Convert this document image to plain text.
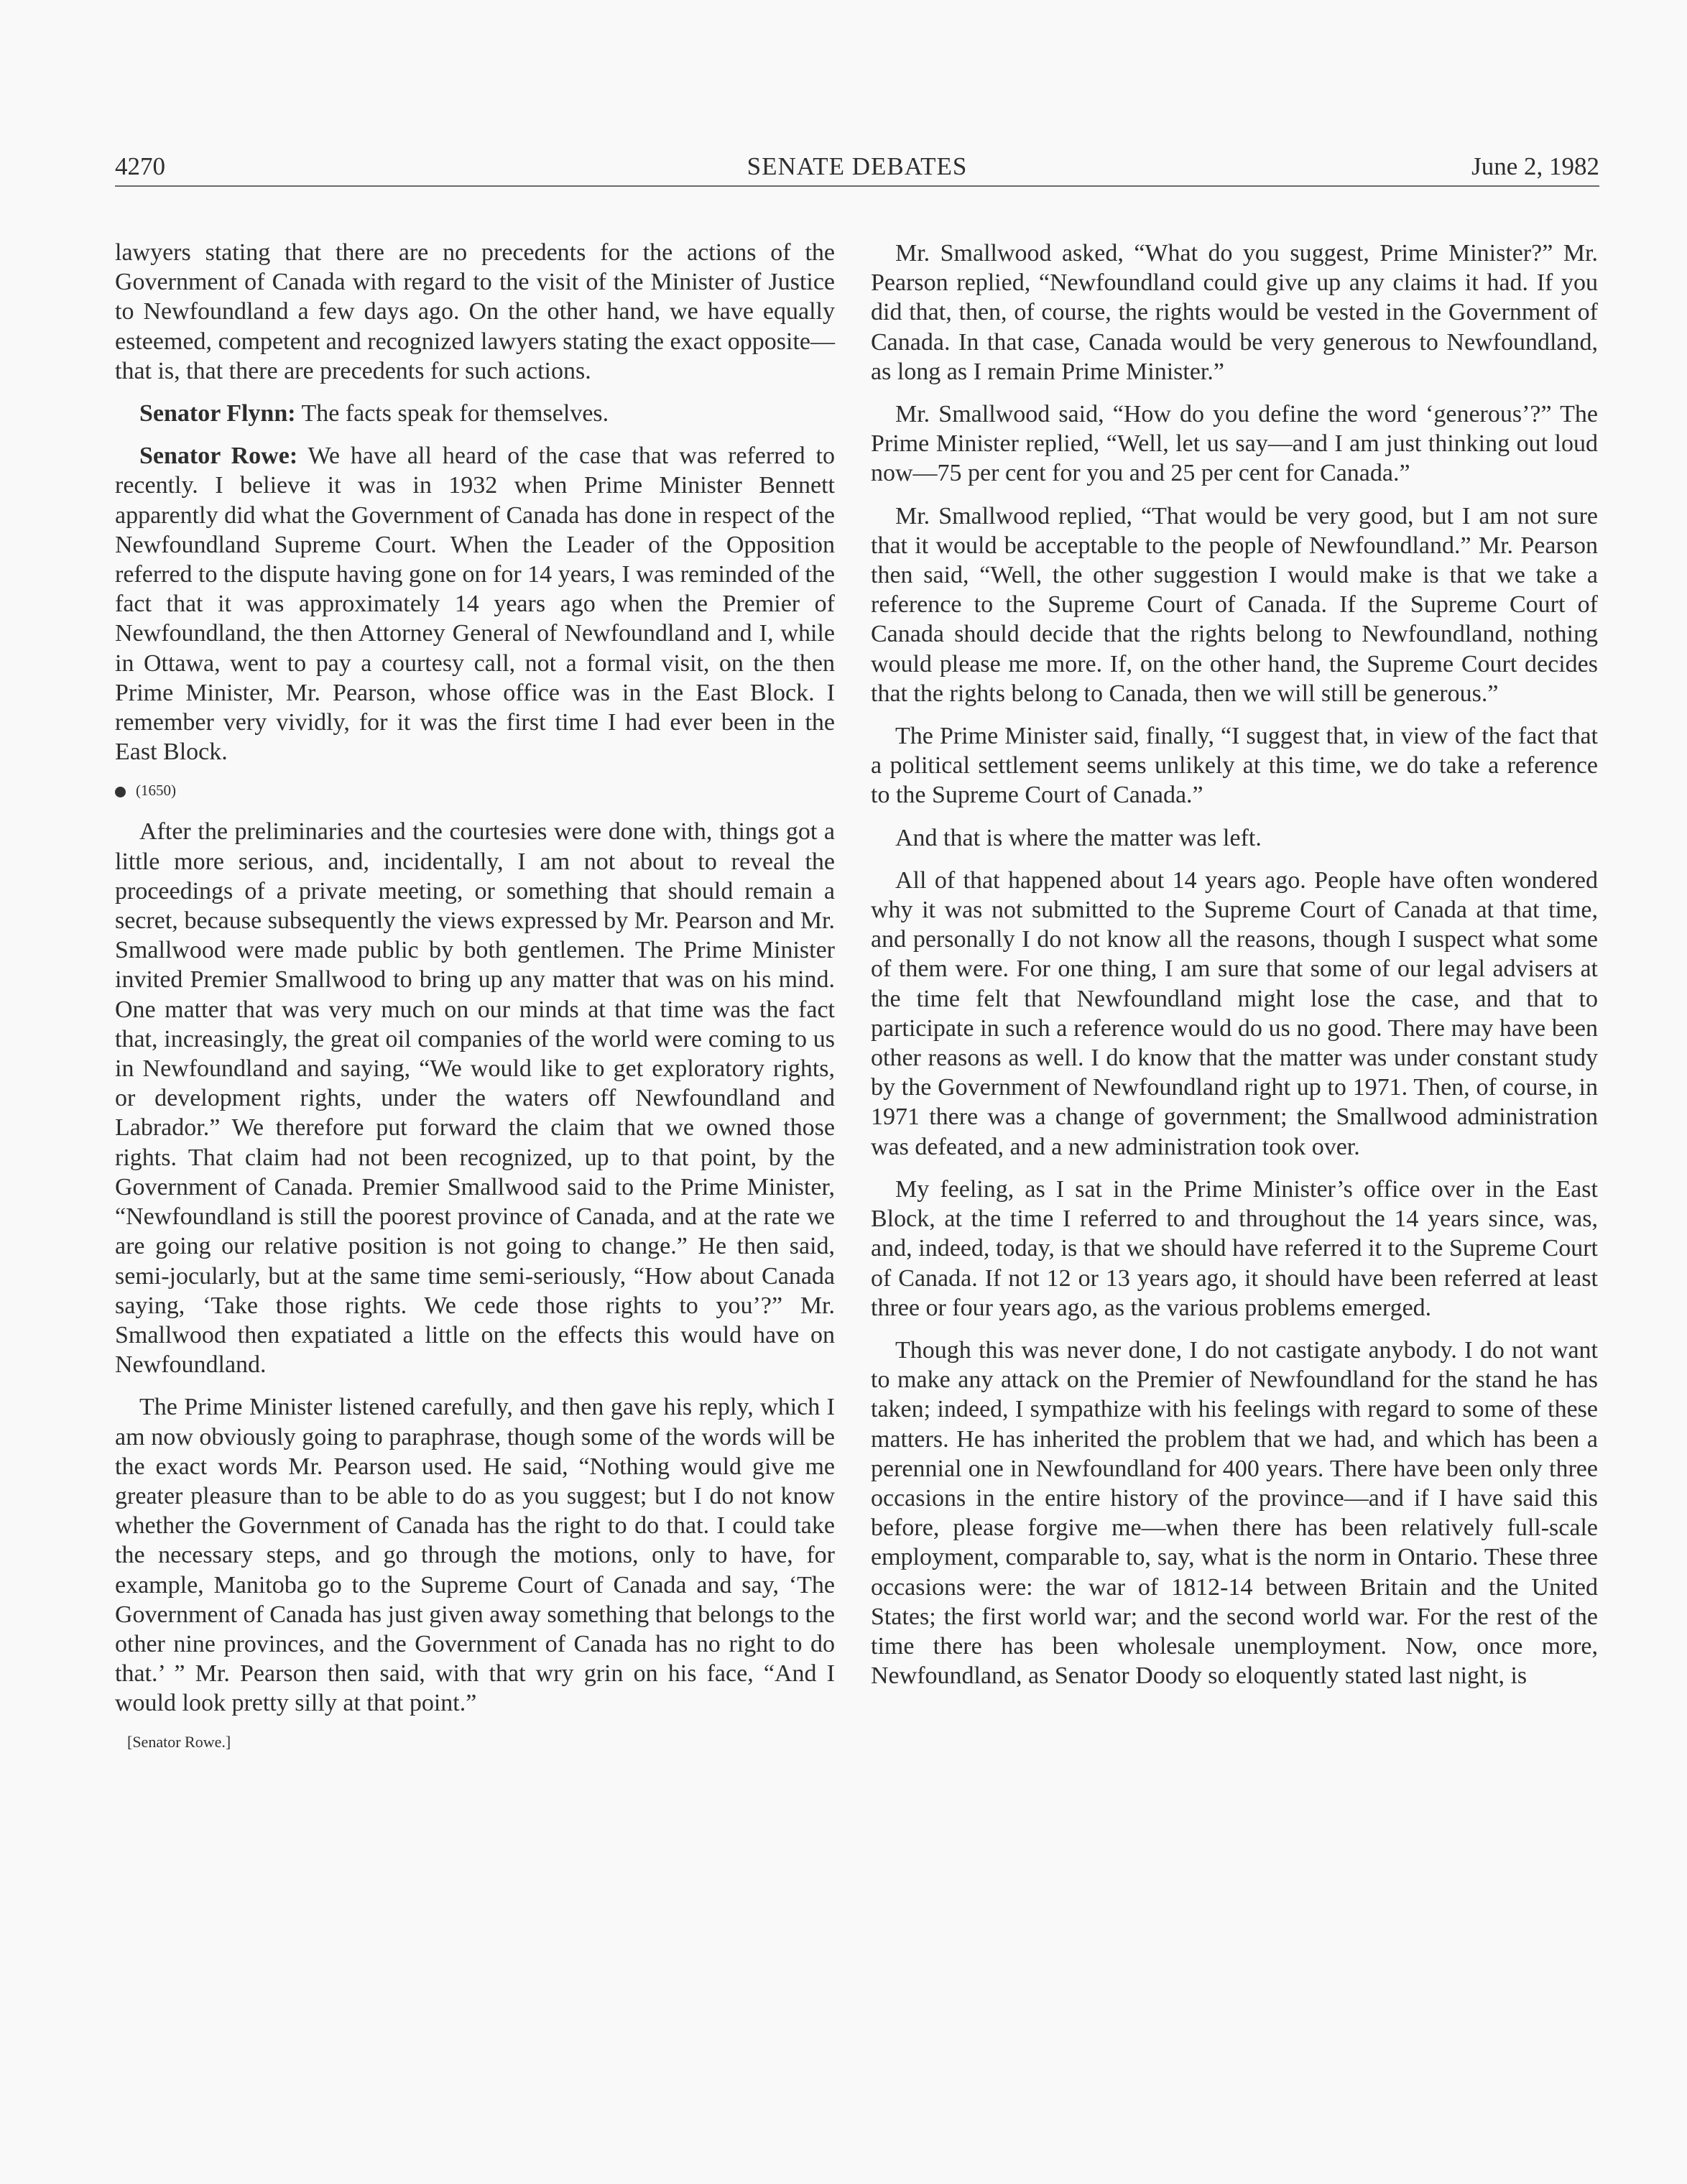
4270	SENATE DEBATES	June 2, 1982

lawyers stating that there are no precedents for the actions of the Government of Canada with regard to the visit of the Minister of Justice to Newfoundland a few days ago. On the other hand, we have equally esteemed, competent and recognized lawyers stating the exact opposite—that is, that there are precedents for such actions.

Senator Flynn: The facts speak for themselves.

Senator Rowe: We have all heard of the case that was referred to recently. I believe it was in 1932 when Prime Minister Bennett apparently did what the Government of Canada has done in respect of the Newfoundland Supreme Court. When the Leader of the Opposition referred to the dispute having gone on for 14 years, I was reminded of the fact that it was approximately 14 years ago when the Premier of Newfoundland, the then Attorney General of Newfoundland and I, while in Ottawa, went to pay a courtesy call, not a formal visit, on the then Prime Minister, Mr. Pearson, whose office was in the East Block. I remember very vividly, for it was the first time I had ever been in the East Block.

(1650)

After the preliminaries and the courtesies were done with, things got a little more serious, and, incidentally, I am not about to reveal the proceedings of a private meeting, or something that should remain a secret, because subsequently the views expressed by Mr. Pearson and Mr. Smallwood were made public by both gentlemen. The Prime Minister invited Premier Smallwood to bring up any matter that was on his mind. One matter that was very much on our minds at that time was the fact that, increasingly, the great oil companies of the world were coming to us in Newfoundland and saying, “We would like to get exploratory rights, or development rights, under the waters off Newfoundland and Labrador.” We therefore put forward the claim that we owned those rights. That claim had not been recognized, up to that point, by the Government of Canada. Premier Smallwood said to the Prime Minister, “Newfoundland is still the poorest province of Canada, and at the rate we are going our relative position is not going to change.” He then said, semi-jocularly, but at the same time semi-seriously, “How about Canada saying, ‘Take those rights. We cede those rights to you’?” Mr. Smallwood then expatiated a little on the effects this would have on Newfoundland.

The Prime Minister listened carefully, and then gave his reply, which I am now obviously going to paraphrase, though some of the words will be the exact words Mr. Pearson used. He said, “Nothing would give me greater pleasure than to be able to do as you suggest; but I do not know whether the Government of Canada has the right to do that. I could take the necessary steps, and go through the motions, only to have, for example, Manitoba go to the Supreme Court of Canada and say, ‘The Government of Canada has just given away something that belongs to the other nine provinces, and the Government of Canada has no right to do that.’ ” Mr. Pearson then said, with that wry grin on his face, “And I would look pretty silly at that point.”

[Senator Rowe.]

Mr. Smallwood asked, “What do you suggest, Prime Minister?” Mr. Pearson replied, “Newfoundland could give up any claims it had. If you did that, then, of course, the rights would be vested in the Government of Canada. In that case, Canada would be very generous to Newfoundland, as long as I remain Prime Minister.”

Mr. Smallwood said, “How do you define the word ‘generous’?” The Prime Minister replied, “Well, let us say—and I am just thinking out loud now—75 per cent for you and 25 per cent for Canada.”

Mr. Smallwood replied, “That would be very good, but I am not sure that it would be acceptable to the people of Newfoundland.” Mr. Pearson then said, “Well, the other suggestion I would make is that we take a reference to the Supreme Court of Canada. If the Supreme Court of Canada should decide that the rights belong to Newfoundland, nothing would please me more. If, on the other hand, the Supreme Court decides that the rights belong to Canada, then we will still be generous.”

The Prime Minister said, finally, “I suggest that, in view of the fact that a political settlement seems unlikely at this time, we do take a reference to the Supreme Court of Canada.”

And that is where the matter was left.

All of that happened about 14 years ago. People have often wondered why it was not submitted to the Supreme Court of Canada at that time, and personally I do not know all the reasons, though I suspect what some of them were. For one thing, I am sure that some of our legal advisers at the time felt that Newfoundland might lose the case, and that to participate in such a reference would do us no good. There may have been other reasons as well. I do know that the matter was under constant study by the Government of Newfoundland right up to 1971. Then, of course, in 1971 there was a change of government; the Smallwood administration was defeated, and a new administration took over.

My feeling, as I sat in the Prime Minister’s office over in the East Block, at the time I referred to and throughout the 14 years since, was, and, indeed, today, is that we should have referred it to the Supreme Court of Canada. If not 12 or 13 years ago, it should have been referred at least three or four years ago, as the various problems emerged.

Though this was never done, I do not castigate anybody. I do not want to make any attack on the Premier of Newfoundland for the stand he has taken; indeed, I sympathize with his feelings with regard to some of these matters. He has inherited the problem that we had, and which has been a perennial one in Newfoundland for 400 years. There have been only three occasions in the entire history of the province—and if I have said this before, please forgive me—when there has been relatively full-scale employment, comparable to, say, what is the norm in Ontario. These three occasions were: the war of 1812-14 between Britain and the United States; the first world war; and the second world war. For the rest of the time there has been wholesale unemployment. Now, once more, Newfoundland, as Senator Doody so eloquently stated last night, is
